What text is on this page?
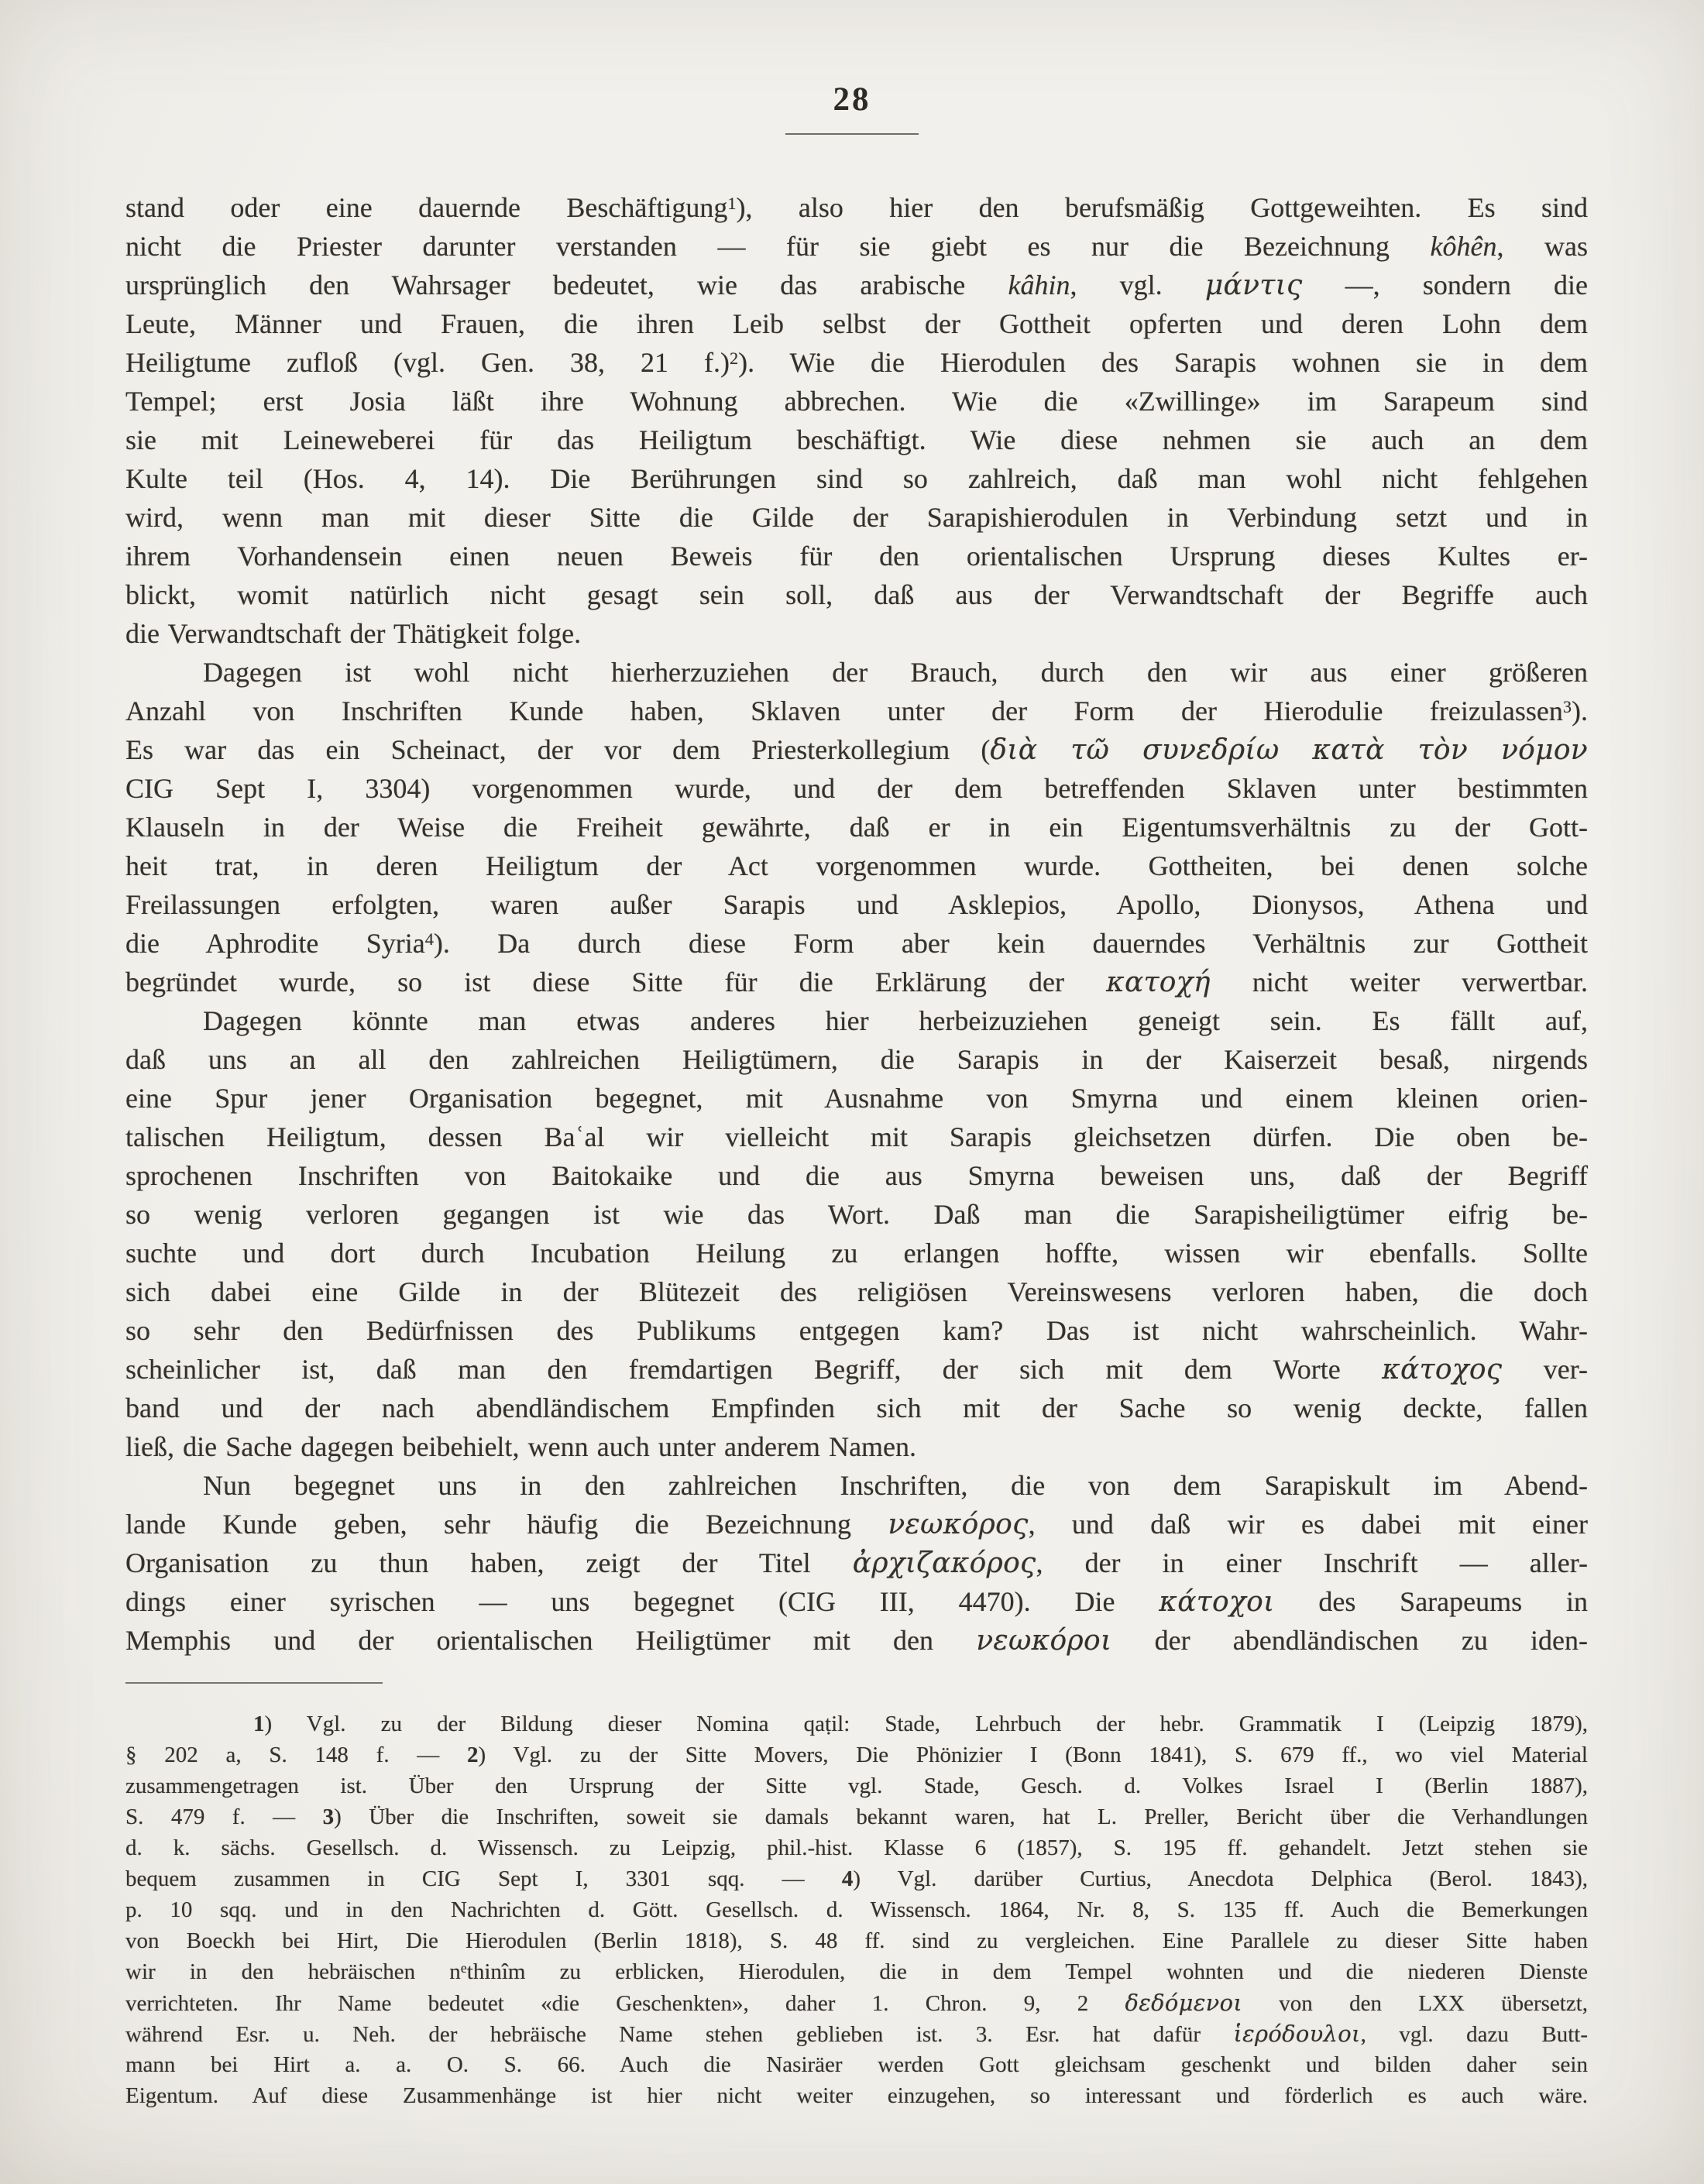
28
stand oder eine dauernde Beschäftigung$^1$), also hier den berufsmäßig Gottgeweihten. Es sind
nicht die Priester darunter verstanden — für sie giebt es nur die Bezeichnung kôhên, was
ursprünglich den Wahrsager bedeutet, wie das arabische kâhin, vgl. μάντις —, sondern die
Leute, Männer und Frauen, die ihren Leib selbst der Gottheit opferten und deren Lohn dem
Heiligtume zufloß (vgl. Gen. 38, 21 f.)$^2$). Wie die Hierodulen des Sarapis wohnen sie in dem
Tempel; erst Josia läßt ihre Wohnung abbrechen. Wie die «Zwillinge» im Sarapeum sind
sie mit Leineweberei für das Heiligtum beschäftigt. Wie diese nehmen sie auch an dem
Kulte teil (Hos. 4, 14). Die Berührungen sind so zahlreich, daß man wohl nicht fehlgehen
wird, wenn man mit dieser Sitte die Gilde der Sarapishierodulen in Verbindung setzt und in
ihrem Vorhandensein einen neuen Beweis für den orientalischen Ursprung dieses Kultes er-
blickt, womit natürlich nicht gesagt sein soll, daß aus der Verwandtschaft der Begriffe auch
die Verwandtschaft der Thätigkeit folge.
Dagegen ist wohl nicht hierherzuziehen der Brauch, durch den wir aus einer größeren
Anzahl von Inschriften Kunde haben, Sklaven unter der Form der Hierodulie freizulassen$^3$).
Es war das ein Scheinact, der vor dem Priesterkollegium (διὰ τῶ συνεδρίω κατὰ τὸν νόμον
CIG Sept I, 3304) vorgenommen wurde, und der dem betreffenden Sklaven unter bestimmten
Klauseln in der Weise die Freiheit gewährte, daß er in ein Eigentumsverhältnis zu der Gott-
heit trat, in deren Heiligtum der Act vorgenommen wurde. Gottheiten, bei denen solche
Freilassungen erfolgten, waren außer Sarapis und Asklepios, Apollo, Dionysos, Athena und
die Aphrodite Syria$^4$). Da durch diese Form aber kein dauerndes Verhältnis zur Gottheit
begründet wurde, so ist diese Sitte für die Erklärung der κατοχή nicht weiter verwertbar.
Dagegen könnte man etwas anderes hier herbeizuziehen geneigt sein. Es fällt auf,
daß uns an all den zahlreichen Heiligtümern, die Sarapis in der Kaiserzeit besaß, nirgends
eine Spur jener Organisation begegnet, mit Ausnahme von Smyrna und einem kleinen orien-
talischen Heiligtum, dessen Baʿal wir vielleicht mit Sarapis gleichsetzen dürfen. Die oben be-
sprochenen Inschriften von Baitokaike und die aus Smyrna beweisen uns, daß der Begriff
so wenig verloren gegangen ist wie das Wort. Daß man die Sarapisheiligtümer eifrig be-
suchte und dort durch Incubation Heilung zu erlangen hoffte, wissen wir ebenfalls. Sollte
sich dabei eine Gilde in der Blütezeit des religiösen Vereinswesens verloren haben, die doch
so sehr den Bedürfnissen des Publikums entgegen kam? Das ist nicht wahrscheinlich. Wahr-
scheinlicher ist, daß man den fremdartigen Begriff, der sich mit dem Worte κάτοχος ver-
band und der nach abendländischem Empfinden sich mit der Sache so wenig deckte, fallen
ließ, die Sache dagegen beibehielt, wenn auch unter anderem Namen.
Nun begegnet uns in den zahlreichen Inschriften, die von dem Sarapiskult im Abend-
lande Kunde geben, sehr häufig die Bezeichnung νεωκόρος, und daß wir es dabei mit einer
Organisation zu thun haben, zeigt der Titel ἀρχιζακόρος, der in einer Inschrift — aller-
dings einer syrischen — uns begegnet (CIG III, 4470). Die κάτοχοι des Sarapeums in
Memphis und der orientalischen Heiligtümer mit den νεωκόροι der abendländischen zu iden-
1) Vgl. zu der Bildung dieser Nomina qaṭil: Stade, Lehrbuch der hebr. Grammatik I (Leipzig 1879),
§ 202 a, S. 148 f. — 2) Vgl. zu der Sitte Movers, Die Phönizier I (Bonn 1841), S. 679 ff., wo viel Material
zusammengetragen ist. Über den Ursprung der Sitte vgl. Stade, Gesch. d. Volkes Israel I (Berlin 1887),
S. 479 f. — 3) Über die Inschriften, soweit sie damals bekannt waren, hat L. Preller, Bericht über die Verhandlungen
d. k. sächs. Gesellsch. d. Wissensch. zu Leipzig, phil.-hist. Klasse 6 (1857), S. 195 ff. gehandelt. Jetzt stehen sie
bequem zusammen in CIG Sept I, 3301 sqq. — 4) Vgl. darüber Curtius, Anecdota Delphica (Berol. 1843),
p. 10 sqq. und in den Nachrichten d. Gött. Gesellsch. d. Wissensch. 1864, Nr. 8, S. 135 ff. Auch die Bemerkungen
von Boeckh bei Hirt, Die Hierodulen (Berlin 1818), S. 48 ff. sind zu vergleichen. Eine Parallele zu dieser Sitte haben
wir in den hebräischen $n^ethinîm$ zu erblicken, Hierodulen, die in dem Tempel wohnten und die niederen Dienste
verrichteten. Ihr Name bedeutet «die Geschenkten», daher 1. Chron. 9, 2 δεδόμενοι von den LXX übersetzt,
während Esr. u. Neh. der hebräische Name stehen geblieben ist. 3. Esr. hat dafür ἱερόδουλοι, vgl. dazu Butt-
mann bei Hirt a. a. O. S. 66. Auch die Nasiräer werden Gott gleichsam geschenkt und bilden daher sein
Eigentum. Auf diese Zusammenhänge ist hier nicht weiter einzugehen, so interessant und förderlich es auch wäre.
